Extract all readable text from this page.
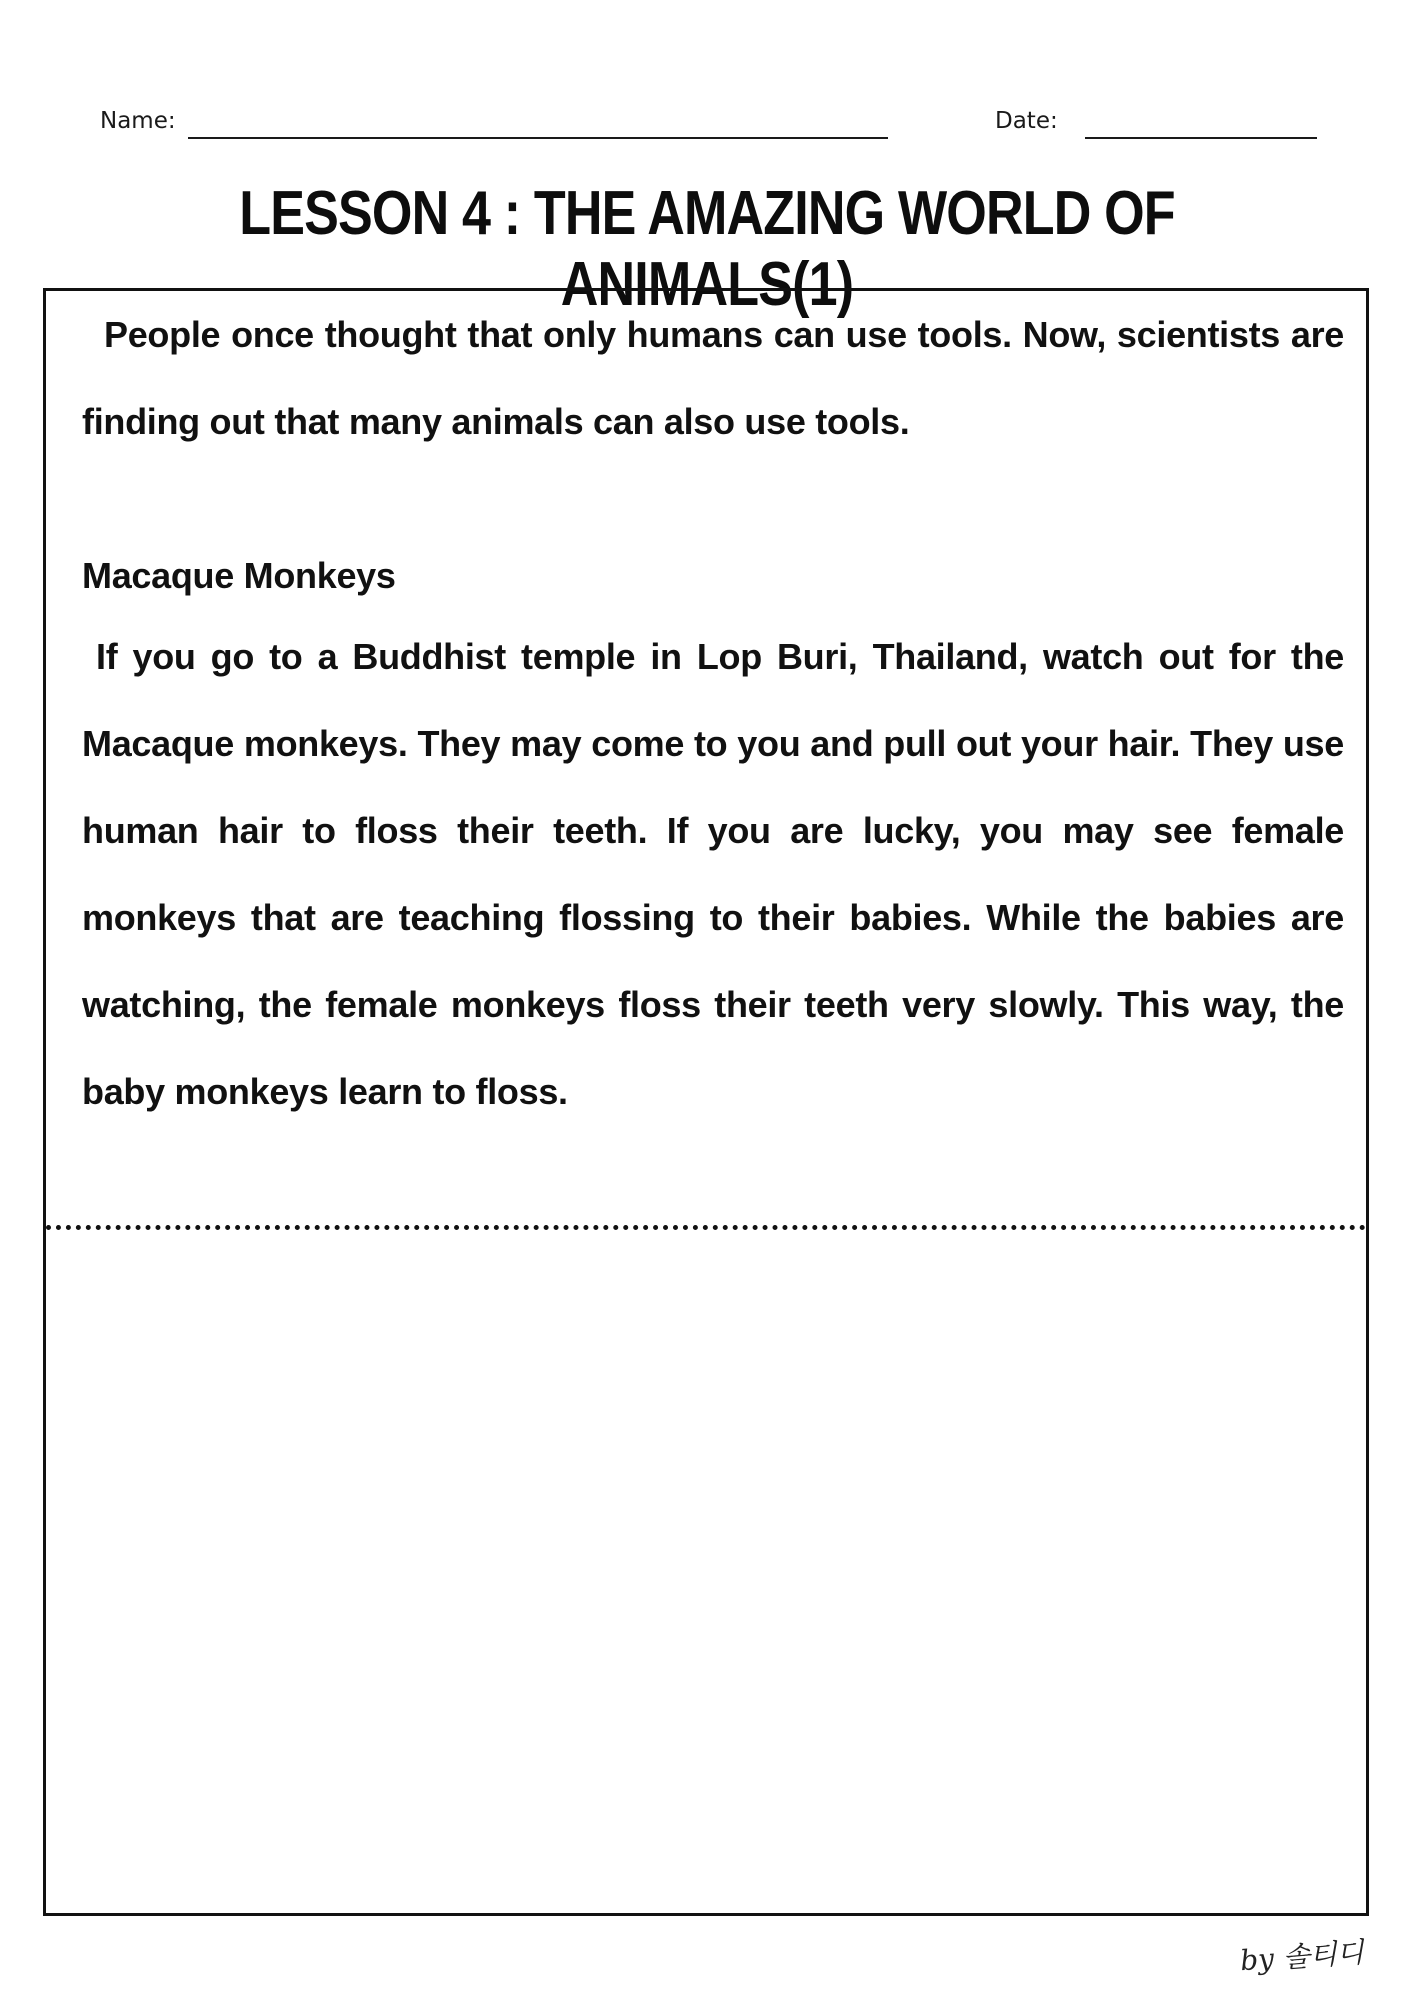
Name:	Date:
LESSON 4 : THE AMAZING WORLD OF ANIMALS(1)

People once thought that only humans can use tools. Now, scientists are finding out that many animals can also use tools.

Macaque Monkeys

If you go to a Buddhist temple in Lop Buri, Thailand, watch out for the Macaque monkeys. They may come to you and pull out your hair. They use human hair to floss their teeth. If you are lucky, you may see female monkeys that are teaching flossing to their babies. While the babies are watching, the female monkeys floss their teeth very slowly. This way, the baby monkeys learn to floss.

by 솔티디
